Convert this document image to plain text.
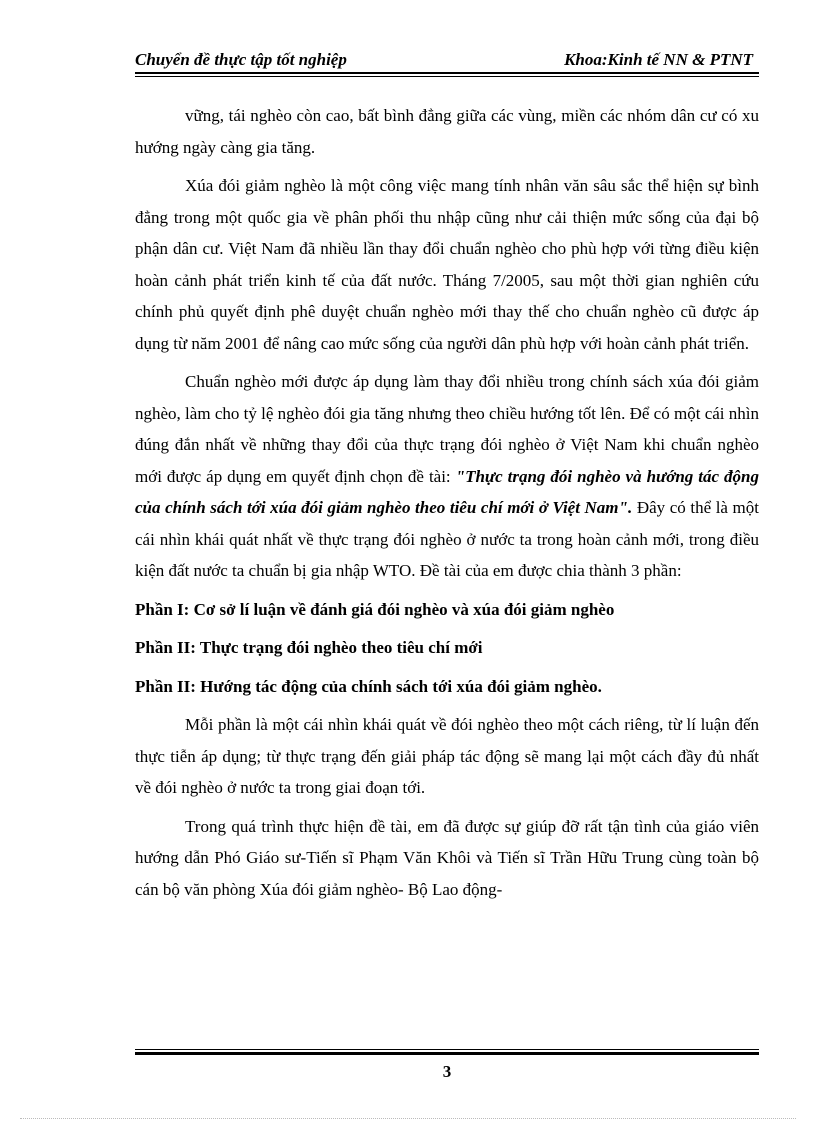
Chuyển đề thực tập tốt nghiệp	Khoa:Kinh tế NN & PTNT

vững, tái nghèo còn cao, bất bình đẳng giữa các vùng, miền các nhóm dân cư có xu hướng ngày càng gia tăng.

Xúa đói giảm nghèo là một công việc mang tính nhân văn sâu sắc thể hiện sự bình đẳng trong một quốc gia về phân phối thu nhập cũng như cải thiện mức sống của đại bộ phận dân cư. Việt Nam đã nhiều lần thay đổi chuẩn nghèo cho phù hợp với từng điều kiện hoàn cảnh phát triển kinh tế của đất nước. Tháng 7/2005, sau một thời gian nghiên cứu chính phủ quyết định phê duyệt chuẩn nghèo mới thay thế cho chuẩn nghèo cũ được áp dụng từ năm 2001 để nâng cao mức sống của người dân phù hợp với hoàn cảnh phát triển.

Chuẩn nghèo mới được áp dụng làm thay đổi nhiều trong chính sách xúa đói giảm nghèo, làm cho tỷ lệ nghèo đói gia tăng nhưng theo chiều hướng tốt lên. Để có một cái nhìn đúng đắn nhất về những thay đổi của thực trạng đói nghèo ở Việt Nam khi chuẩn nghèo mới được áp dụng em quyết định chọn đề tài: "Thực trạng đói nghèo và hướng tác động của chính sách tới xúa đói giảm nghèo theo tiêu chí mới ở Việt Nam". Đây có thể là một cái nhìn khái quát nhất về thực trạng đói nghèo ở nước ta trong hoàn cảnh mới, trong điều kiện đất nước ta chuẩn bị gia nhập WTO. Đề tài của em được chia thành 3 phần:

Phần I: Cơ sở lí luận về đánh giá đói nghèo và xúa đói giảm nghèo

Phần II: Thực trạng đói nghèo theo tiêu chí mới

Phần II: Hướng tác động của chính sách tới xúa đói giảm nghèo.

Mỗi phần là một cái nhìn khái quát về đói nghèo theo một cách riêng, từ lí luận đến thực tiễn áp dụng; từ thực trạng đến giải pháp tác động sẽ mang lại một cách đầy đủ nhất về đói nghèo ở nước ta trong giai đoạn tới.

Trong quá trình thực hiện đề tài, em đã được sự giúp đỡ rất tận tình của giáo viên hướng dẫn Phó Giáo sư-Tiến sĩ Phạm Văn Khôi và Tiến sĩ Trần Hữu Trung cùng toàn bộ cán bộ văn phòng Xúa đói giảm nghèo- Bộ Lao động-

3
